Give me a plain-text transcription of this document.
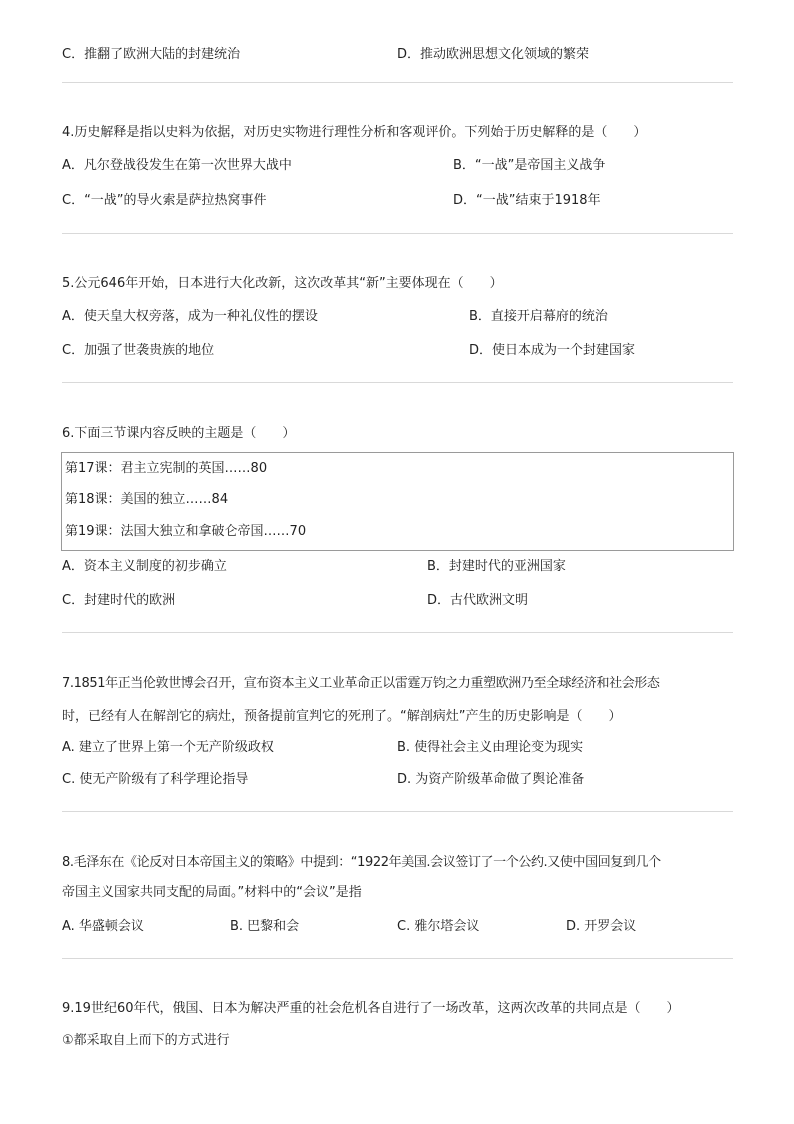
C．推翻了欧洲大陆的封建统治	D．推动欧洲思想文化领域的繁荣
4.历史解释是指以史料为依据，对历史实物进行理性分析和客观评价。下列始于历史解释的是（　　）
A．凡尔登战役发生在第一次世界大战中	B．“一战”是帝国主义战争
C．“一战”的导火索是萨拉热窝事件	D．“一战”结束于1918年
5.公元646年开始，日本进行大化改新，这次改革其“新”主要体现在（　　）
A．使天皇大权旁落，成为一种礼仪性的摆设	B．直接开启幕府的统治
C．加强了世袭贵族的地位	D．使日本成为一个封建国家
6.下面三节课内容反映的主题是（　　）
第17课：君主立宪制的英国……80
第18课：美国的独立……84
第19课：法国大独立和拿破仑帝国……70
A．资本主义制度的初步确立	B．封建时代的亚洲国家
C．封建时代的欧洲	D．古代欧洲文明
7.1851年正当伦敦世博会召开，宣布资本主义工业革命正以雷霆万钧之力重塑欧洲乃至全球经济和社会形态
时，已经有人在解剖它的病灶，预备提前宣判它的死刑了。“解剖病灶”产生的历史影响是（　　）
A. 建立了世界上第一个无产阶级政权	B. 使得社会主义由理论变为现实
C. 使无产阶级有了科学理论指导	D. 为资产阶级革命做了舆论准备
8.毛泽东在《论反对日本帝国主义的策略》中提到：“1922年美国.会议签订了一个公约.又使中国回复到几个
帝国主义国家共同支配的局面。”材料中的“会议”是指
A. 华盛顿会议	B. 巴黎和会	C. 雅尔塔会议	D. 开罗会议
9.19世纪60年代，俄国、日本为解决严重的社会危机各自进行了一场改革，这两次改革的共同点是（　　）
①都采取自上而下的方式进行
